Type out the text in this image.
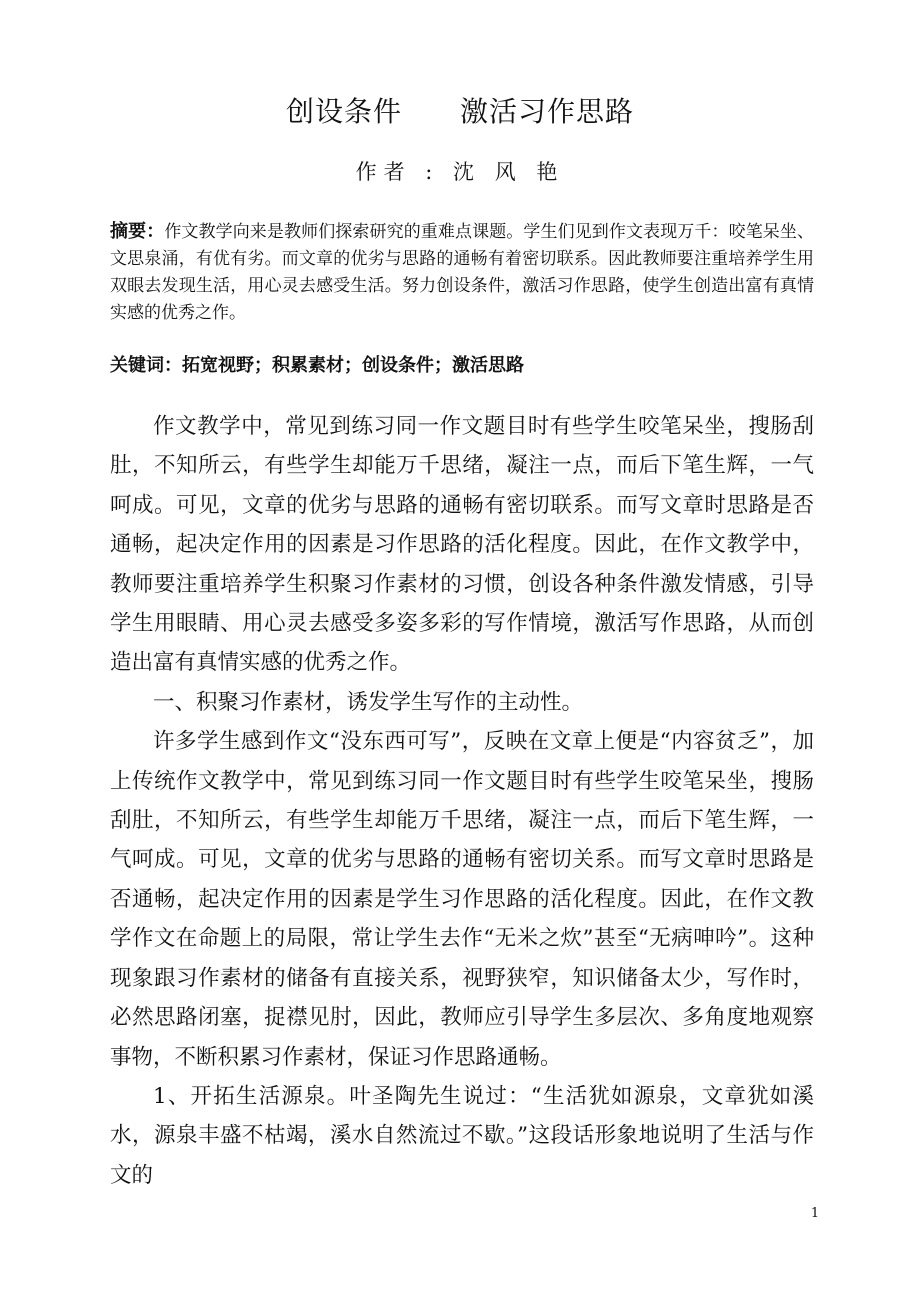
创设条件　　激活习作思路
作者 : 沈 风 艳
摘要：作文教学向来是教师们探索研究的重难点课题。学生们见到作文表现万千：咬笔呆坐、文思泉涌，有优有劣。而文章的优劣与思路的通畅有着密切联系。因此教师要注重培养学生用双眼去发现生活，用心灵去感受生活。努力创设条件，激活习作思路，使学生创造出富有真情实感的优秀之作。
关键词：拓宽视野；积累素材；创设条件；激活思路

作文教学中，常见到练习同一作文题目时有些学生咬笔呆坐，搜肠刮肚，不知所云，有些学生却能万千思绪，凝注一点，而后下笔生辉，一气呵成。可见，文章的优劣与思路的通畅有密切联系。而写文章时思路是否通畅，起决定作用的因素是习作思路的活化程度。因此，在作文教学中，教师要注重培养学生积聚习作素材的习惯，创设各种条件激发情感，引导学生用眼睛、用心灵去感受多姿多彩的写作情境，激活写作思路，从而创造出富有真情实感的优秀之作。

一、积聚习作素材，诱发学生写作的主动性。

许多学生感到作文“没东西可写”，反映在文章上便是“内容贫乏”，加上传统作文教学中，常见到练习同一作文题目时有些学生咬笔呆坐，搜肠刮肚，不知所云，有些学生却能万千思绪，凝注一点，而后下笔生辉，一气呵成。可见，文章的优劣与思路的通畅有密切关系。而写文章时思路是否通畅，起决定作用的因素是学生习作思路的活化程度。因此，在作文教学作文在命题上的局限，常让学生去作“无米之炊”甚至“无病呻吟”。这种现象跟习作素材的储备有直接关系，视野狭窄，知识储备太少，写作时，必然思路闭塞，捉襟见肘，因此，教师应引导学生多层次、多角度地观察事物，不断积累习作素材，保证习作思路通畅。

1、开拓生活源泉。叶圣陶先生说过：“生活犹如源泉，文章犹如溪水，源泉丰盛不枯竭，溪水自然流过不歇。”这段话形象地说明了生活与作文的

1
